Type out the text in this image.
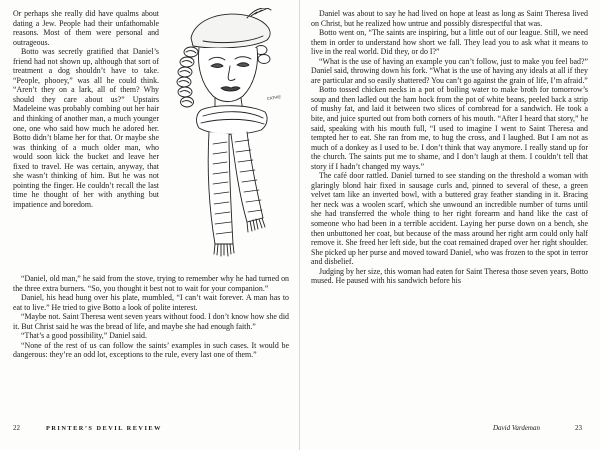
Or perhaps she really did have qualms about dating a Jew. People had their unfathomable reasons. Most of them were personal and outrageous.

Botto was secretly gratified that Daniel’s friend had not shown up, although that sort of treatment a dog shouldn’t have to take. “People, phooey,” was all he could think. “Aren’t they on a lark, all of them? Why should they care about us?” Upstairs Madeleine was probably combing out her hair and thinking of another man, a much younger one, one who said how much he adored her. Botto didn’t blame her for that. Or maybe she was thinking of a much older man, who would soon kick the bucket and leave her fixed to travel. He was certain, anyway, that she wasn’t thinking of him. But he was not pointing the finger. He couldn’t recall the last time he thought of her with anything but impatience and boredom.

CATHIE

“Daniel, old man,” he said from the stove, trying to remember why he had turned on the three extra burners. “So, you thought it best not to wait for your companion.”

Daniel, his head hung over his plate, mumbled, “I can’t wait forever. A man has to eat to live.” He tried to give Botto a look of polite interest.

“Maybe not. Saint Theresa went seven years without food. I don’t know how she did it. But Christ said he was the bread of life, and maybe she had enough faith.”

“That’s a good possibility,” Daniel said.

“None of the rest of us can follow the saints’ examples in such cases. It would be dangerous: they’re an odd lot, exceptions to the rule, every last one of them.”

Daniel was about to say he had lived on hope at least as long as Saint Theresa lived on Christ, but he realized how untrue and possibly disrespectful that was.

Botto went on, “The saints are inspiring, but a little out of our league. Still, we need them in order to understand how short we fall. They lead you to ask what it means to live in the real world. Did they, or do I?”

“What is the use of having an example you can’t follow, just to make you feel bad?” Daniel said, throwing down his fork. “What is the use of having any ideals at all if they are particular and so easily shattered? You can’t go against the grain of life, I’m afraid.”

Botto tossed chicken necks in a pot of boiling water to make broth for tomorrow’s soup and then ladled out the ham hock from the pot of white beans, peeled back a strip of mushy fat, and laid it between two slices of cornbread for a sandwich. He took a bite, and juice spurted out from both corners of his mouth. “After I heard that story,” he said, speaking with his mouth full, “I used to imagine I went to Saint Theresa and tempted her to eat. She ran from me, to hug the cross, and I laughed. But I am not as much of a donkey as I used to be. I don’t think that way anymore. I really stand up for the church. The saints put me to shame, and I don’t laugh at them. I couldn’t tell that story if I hadn’t changed my ways.”

The café door rattled. Daniel turned to see standing on the threshold a woman with glaringly blond hair fixed in sausage curls and, pinned to several of these, a green velvet tam like an inverted bowl, with a buttered gray feather standing in it. Bracing her neck was a woolen scarf, which she unwound an incredible number of turns until she had transferred the whole thing to her right forearm and hand like the cast of someone who had been in a terrible accident. Laying her purse down on a bench, she then unbuttoned her coat, but because of the mass around her right arm could only half remove it. She freed her left side, but the coat remained draped over her right shoulder. She picked up her purse and moved toward Daniel, who was frozen to the spot in terror and disbelief.

Judging by her size, this woman had eaten for Saint Theresa those seven years, Botto mused. He paused with his sandwich before his

22	PRINTER’S DEVIL REVIEW	David Vardeman	23
